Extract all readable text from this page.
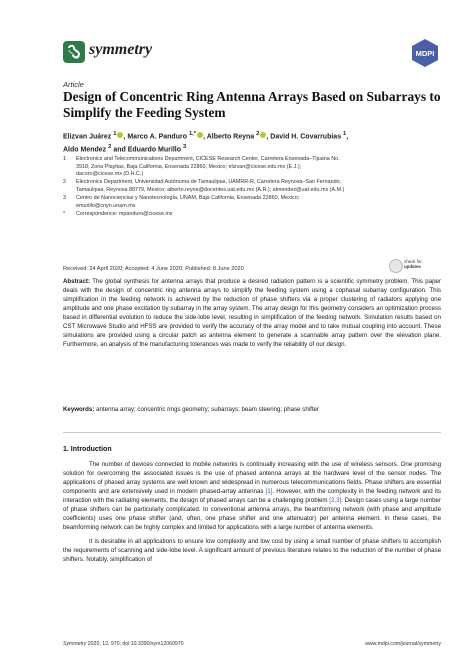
symmetry	MDPI
Article
Design of Concentric Ring Antenna Arrays Based on Subarrays to Simplify the Feeding System
Elizvan Juárez $^1$ , Marco A. Panduro $^{1,*}$ , Alberto Reyna $^2$ , David H. Covarrubias $^1$,
Aldo Mendez $^2$ and Eduardo Murillo $^3$
1	Electronics and Telecommunications Department, CICESE Research Center, Carretera Ensenada–Tijuana No. 3918, Zona Playitas, Baja California, Ensenada 22860, Mexico; elizvan@cicese.edu.mx (E.J.); dacoro@cicese.mx (D.H.C.)
2	Electronics Department, Universidad Autónoma de Tamaulipas, UAMRR-R, Carretera Reynosa–San Fernando, Tamaulipas, Reynosa 88779, Mexico; alberto.reyna@docentes.uat.edu.mx (A.R.); almendez@uat.edu.mx (A.M.)
3	Centro de Nanociencias y Nanotecnología, UNAM, Baja California, Ensenada 22860, Mexico; emurillo@cnyn.unam.mx
*	Correspondence: mpanduro@cicese.mx
check for
updates
Received: 24 April 2020; Accepted: 4 June 2020; Published: 8 June 2020
Abstract: The global synthesis for antenna arrays that produce a desired radiation pattern is a scientific symmetry problem. This paper deals with the design of concentric ring antenna arrays to simplify the feeding system using a cophasal subarray configuration. This simplification in the feeding network is achieved by the reduction of phase shifters via a proper clustering of radiators applying one amplitude and one phase excitation by subarray in the array system. The array design for this geometry considers an optimization process based in differential evolution to reduce the side-lobe level, resulting in simplification of the feeding network. Simulation results based on CST Microwave Studio and HFSS are provided to verify the accuracy of the array model and to take mutual coupling into account. These simulations are provided using a circular patch as antenna element to generate a scannable array pattern over the elevation plane. Furthermore, an analysis of the manufacturing tolerances was made to verify the reliability of our design.
Keywords: antenna array; concentric rings geometry; subarrays; beam steering; phase shifter
1. Introduction

The number of devices connected to mobile networks is continually increasing with the use of wireless sensors. One promising solution for overcoming the associated issues is the use of phased antenna arrays at the hardware level of the sensor nodes. The applications of phased array systems are well known and widespread in numerous telecommunications fields. Phase shifters are essential components and are extensively used in modern phased-array antennas [1]. However, with the complexity in the feeding network and its interaction with the radiating elements, the design of phased arrays can be a challenging problem [2,3]. Design cases using a large number of phase shifters can be particularly complicated. In conventional antenna arrays, the beamforming network (with phase and amplitude coefficients) uses one phase shifter (and, often, one phase shifter and one attenuator) per antenna element. In these cases, the beamforming network can be highly complex and limited for applications with a large number of antenna elements.

It is desirable in all applications to ensure low complexity and low cost by using a small number of phase shifters to accomplish the requirements of scanning and side-lobe level. A significant amount of previous literature relates to the reduction of the number of phase shifters. Notably, simplification of

Symmetry 2020, 12, 970; doi:10.3390/sym12060970	www.mdpi.com/journal/symmetry
